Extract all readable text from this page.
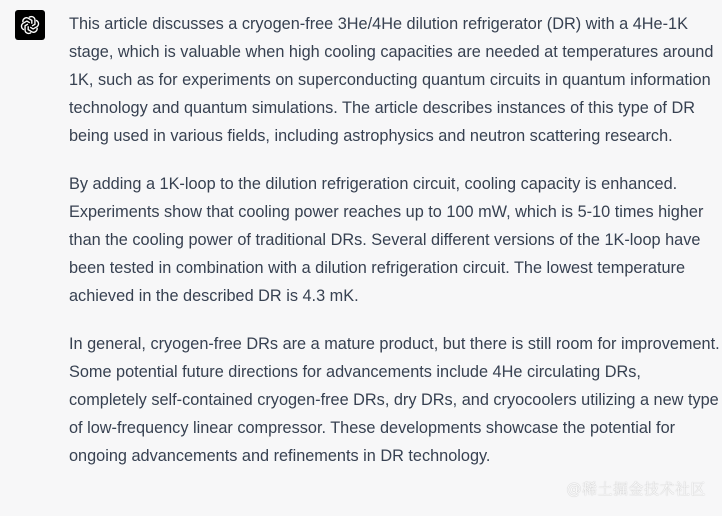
This article discusses a cryogen-free 3He/4He dilution refrigerator (DR) with a 4He-1K stage, which is valuable when high cooling capacities are needed at temperatures around 1K, such as for experiments on superconducting quantum circuits in quantum information technology and quantum simulations. The article describes instances of this type of DR being used in various fields, including astrophysics and neutron scattering research.

By adding a 1K-loop to the dilution refrigeration circuit, cooling capacity is enhanced. Experiments show that cooling power reaches up to 100 mW, which is 5-10 times higher than the cooling power of traditional DRs. Several different versions of the 1K-loop have been tested in combination with a dilution refrigeration circuit. The lowest temperature achieved in the described DR is 4.3 mK.

In general, cryogen-free DRs are a mature product, but there is still room for improvement. Some potential future directions for advancements include 4He circulating DRs, completely self-contained cryogen-free DRs, dry DRs, and cryocoolers utilizing a new type of low-frequency linear compressor. These developments showcase the potential for ongoing advancements and refinements in DR technology.

@稀土掘金技术社区
